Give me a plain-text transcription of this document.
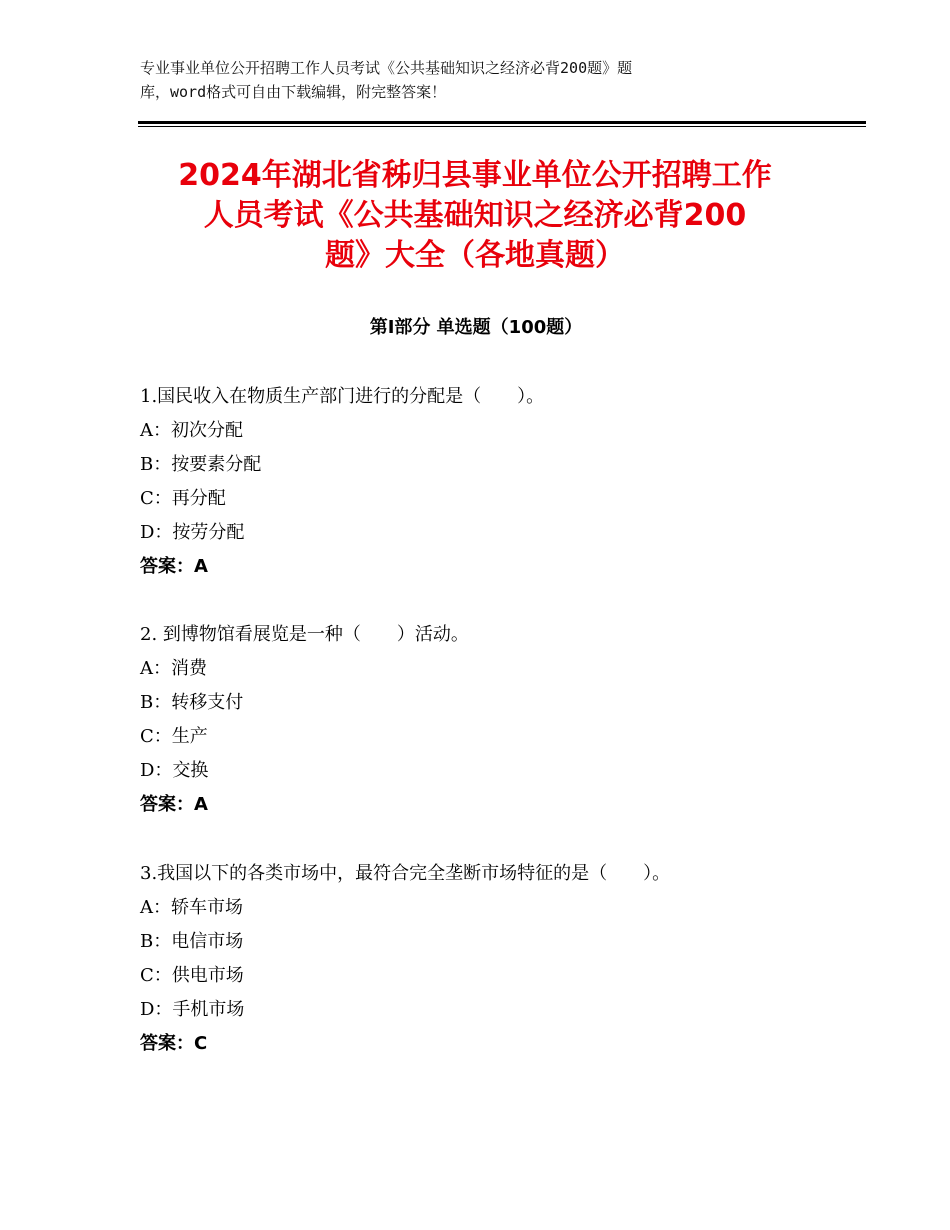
专业事业单位公开招聘工作人员考试《公共基础知识之经济必背200题》题
库，word格式可自由下载编辑，附完整答案！
2024年湖北省秭归县事业单位公开招聘工作
人员考试《公共基础知识之经济必背200
题》大全（各地真题）
第Ⅰ部分 单选题（100题）
1.国民收入在物质生产部门进行的分配是（　　）。
A：初次分配
B：按要素分配
C：再分配
D：按劳分配
答案：A
2. 到博物馆看展览是一种（　　）活动。
A：消费
B：转移支付
C：生产
D：交换
答案：A
3.我国以下的各类市场中，最符合完全垄断市场特征的是（　　）。
A：轿车市场
B：电信市场
C：供电市场
D：手机市场
答案：C
